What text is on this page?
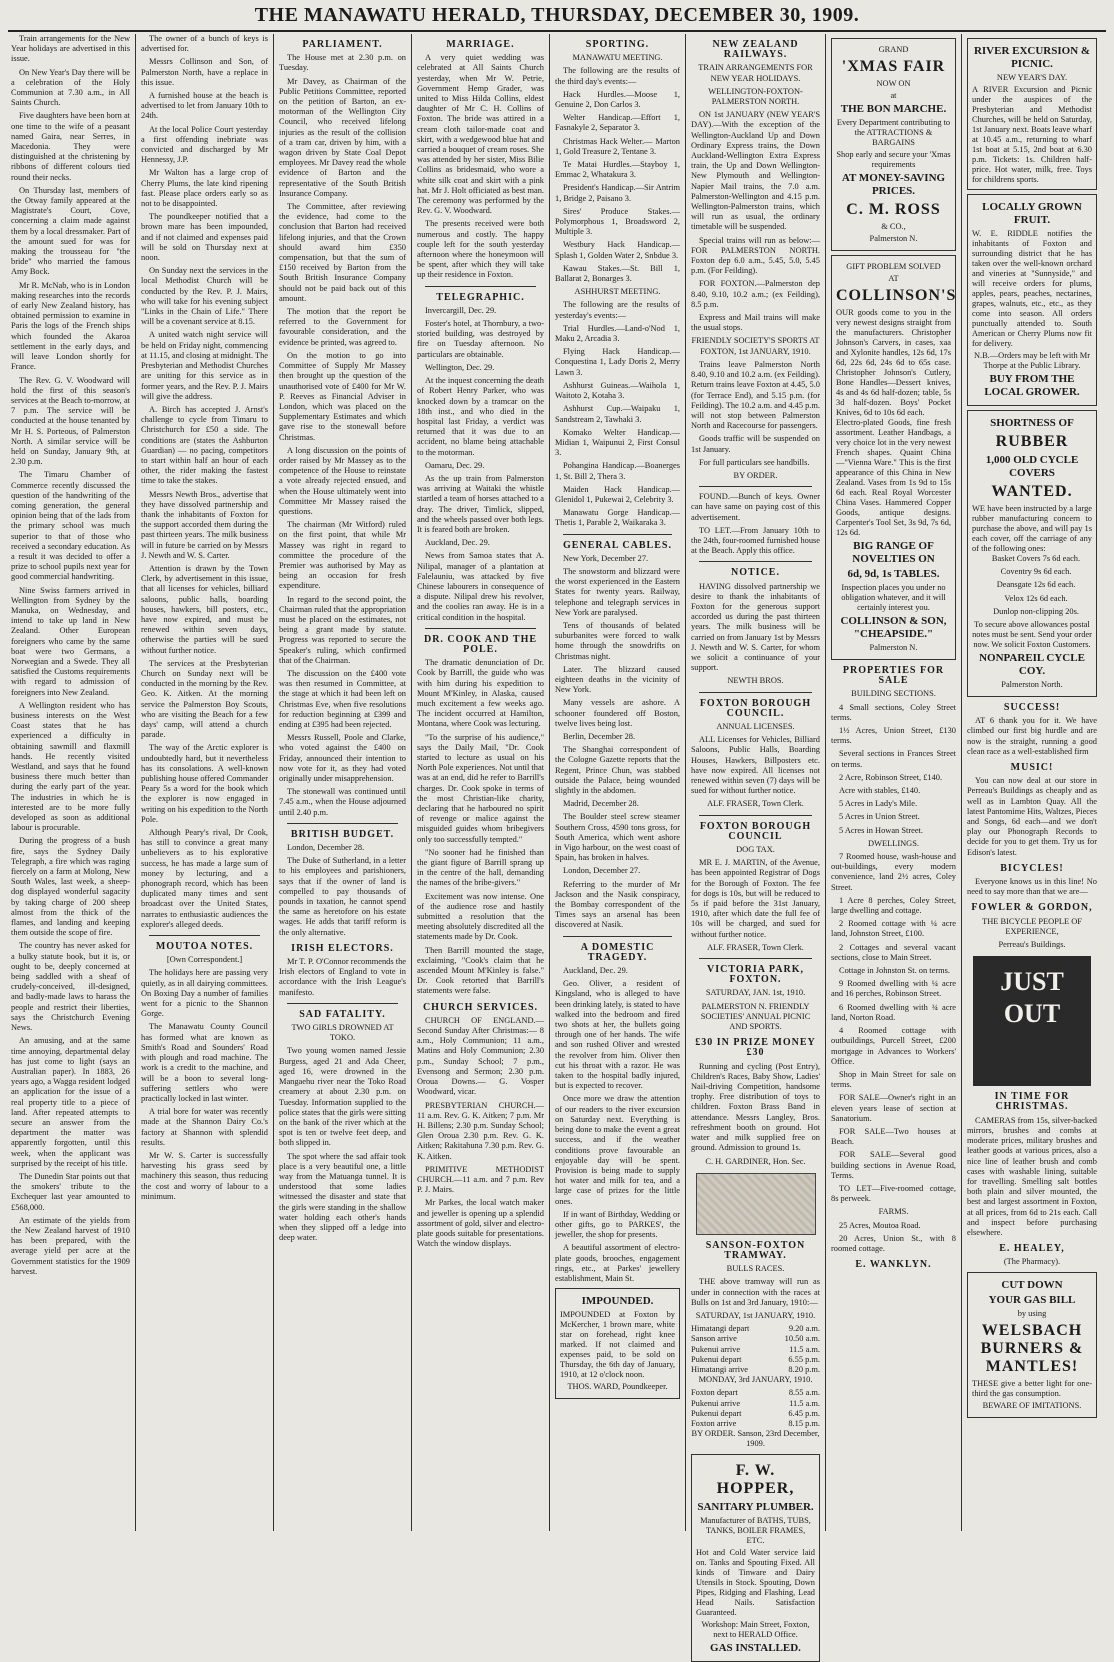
THE MANAWATU HERALD, THURSDAY, DECEMBER 30, 1909.

Train arrangements for the New Year holidays are advertised in this issue.

On New Year's Day there will be a celebration of the Holy Communion at 7.30 a.m., in All Saints Church.

Five daughters have been born at one time to the wife of a peasant named Gaira, near Serres, in Macedonia. They were distinguished at the christening by ribbons of different colours tied round their necks.

On Thursday last, members of the Otway family appeared at the Magistrate's Court, Cove, concerning a claim made against them by a local dressmaker. Part of the amount sued for was for making the trousseau for "the bride" who married the famous Amy Bock.

Mr R. McNab, who is in London making researches into the records of early New Zealand history, has obtained permission to examine in Paris the logs of the French ships which founded the Akaroa settlement in the early days, and will leave London shortly for France.

The Rev. G. V. Woodward will hold the first of this season's services at the Beach to-morrow, at 7 p.m. The service will be conducted at the house tenanted by Mr H. S. Porteous, of Palmerston North. A similar service will be held on Sunday, January 9th, at 2.30 p.m.

The Timaru Chamber of Commerce recently discussed the question of the handwriting of the coming generation, the general opinion being that of the lads from the primary school was much superior to that of those who received a secondary education. As a result it was decided to offer a prize to school pupils next year for good commercial handwriting.

Nine Swiss farmers arrived in Wellington from Sydney by the Manuka, on Wednesday, and intend to take up land in New Zealand. Other European foreigners who came by the same boat were two Germans, a Norwegian and a Swede. They all satisfied the Customs requirements with regard to admission of foreigners into New Zealand.

A Wellington resident who has business interests on the West Coast states that he has experienced a difficulty in obtaining sawmill and flaxmill hands. He recently visited Westland, and says that he found business there much better than during the early part of the year. The industries in which he is interested are to be more fully developed as soon as additional labour is procurable.

During the progress of a bush fire, says the Sydney Daily Telegraph, a fire which was raging fiercely on a farm at Molong, New South Wales, last week, a sheep-dog displayed wonderful sagacity by taking charge of 200 sheep almost from the thick of the flames, and landing and keeping them outside the scope of fire.

The country has never asked for a bulky statute book, but it is, or ought to be, deeply concerned at being saddled with a sheaf of crudely-conceived, ill-designed, and badly-made laws to harass the people and restrict their liberties, says the Christchurch Evening News.

An amusing, and at the same time annoying, departmental delay has just come to light (says an Australian paper). In 1883, 26 years ago, a Wagga resident lodged an application for the issue of a real property title to a piece of land. After repeated attempts to secure an answer from the department the matter was apparently forgotten, until this week, when the applicant was surprised by the receipt of his title.

The Dunedin Star points out that the smokers' tribute to the Exchequer last year amounted to £568,000.

An estimate of the yields from the New Zealand harvest of 1910 has been prepared, with the average yield per acre at the Government statistics for the 1909 harvest.

The owner of a bunch of keys is advertised for.

Messrs Collinson and Son, of Palmerston North, have a replace in this issue.

A furnished house at the beach is advertised to let from January 10th to 24th.

At the local Police Court yesterday a first offending inebriate was convicted and discharged by Mr Hennessy, J.P.

Mr Walton has a large crop of Cherry Plums, the late kind ripening fast. Please place orders early so as not to be disappointed.

The poundkeeper notified that a brown mare has been impounded, and if not claimed and expenses paid will be sold on Thursday next at noon.

On Sunday next the services in the local Methodist Church will be conducted by the Rev. P. J. Mairs, who will take for his evening subject "Links in the Chain of Life." There will be a covenant service at 8.15.

A united watch night service will be held on Friday night, commencing at 11.15, and closing at midnight. The Presbyterian and Methodist Churches are uniting for this service as in former years, and the Rev. P. J. Mairs will give the address.

A. Birch has accepted J. Arnst's challenge to cycle from Timaru to Christchurch for £50 a side. The conditions are (states the Ashburton Guardian) — no pacing, competitors to start within half an hour of each other, the rider making the fastest time to take the stakes.

Messrs Newth Bros., advertise that they have dissolved partnership and thank the inhabitants of Foxton for the support accorded them during the past thirteen years. The milk business will in future be carried on by Messrs J. Newth and W. S. Carter.

Attention is drawn by the Town Clerk, by advertisement in this issue, that all licenses for vehicles, billiard saloons, public halls, boarding houses, hawkers, bill posters, etc., have now expired, and must be renewed within seven days, otherwise the parties will be sued without further notice.

The services at the Presbyterian Church on Sunday next will be conducted in the morning by the Rev. Geo. K. Aitken. At the morning service the Palmerston Boy Scouts, who are visiting the Beach for a few days' camp, will attend a church parade.

The way of the Arctic explorer is undoubtedly hard, but it nevertheless has its consolations. A well-known publishing house offered Commander Peary 5s a word for the book which the explorer is now engaged in writing on his expedition to the North Pole.

Although Peary's rival, Dr Cook, has still to convince a great many unbelievers as to his explorative success, he has made a large sum of money by lecturing, and a phonograph record, which has been duplicated many times and sent broadcast over the United States, narrates to enthusiastic audiences the explorer's alleged deeds.

MOUTOA NOTES.
[Own Correspondent.]

The holidays here are passing very quietly, as in all dairying committees. On Boxing Day a number of families went for a picnic to the Shannon Gorge.

The Manawatu County Council has formed what are known as Smith's Road and Sounders' Road with plough and road machine. The work is a credit to the machine, and will be a boon to several long-suffering settlers who were practically locked in last winter.

A trial bore for water was recently made at the Shannon Dairy Co.'s factory at Shannon with splendid results.

Mr W. S. Carter is successfully harvesting his grass seed by machinery this season, thus reducing the cost and worry of labour to a minimum.

PARLIAMENT.

The House met at 2.30 p.m. on Tuesday.

Mr Davey, as Chairman of the Public Petitions Committee, reported on the petition of Barton, an ex-motorman of the Wellington City Council, who received lifelong injuries as the result of the collision of a tram car, driven by him, with a wagon driven by State Coal Depot employees. Mr Davey read the whole evidence of Barton and the representative of the South British Insurance Company.

The Committee, after reviewing the evidence, had come to the conclusion that Barton had received lifelong injuries, and that the Crown should award him £350 compensation, but that the sum of £150 received by Barton from the South British Insurance Company should not be paid back out of this amount.

The motion that the report be referred to the Government for favourable consideration, and the evidence be printed, was agreed to.

On the motion to go into Committee of Supply Mr Massey then brought up the question of the unauthorised vote of £400 for Mr W. P. Reeves as Financial Adviser in London, which was placed on the Supplementary Estimates and which gave rise to the stonewall before Christmas.

A long discussion on the points of order raised by Mr Massey as to the competence of the House to reinstate a vote already rejected ensued, and when the House ultimately went into Committee Mr Massey raised the questions.

The chairman (Mr Witford) ruled on the first point, that while Mr Massey was right in regard to committee the procedure of the Premier was authorised by May as being an occasion for fresh expenditure.

In regard to the second point, the Chairman ruled that the appropriation must be placed on the estimates, not being a grant made by statute. Progress was reported to secure the Speaker's ruling, which confirmed that of the Chairman.

The discussion on the £400 vote was then resumed in Committee, at the stage at which it had been left on Christmas Eve, when five resolutions for reduction beginning at £399 and ending at £395 had been rejected.

Messrs Russell, Poole and Clarke, who voted against the £400 on Friday, announced their intention to now vote for it, as they had voted originally under misapprehension.

The stonewall was continued until 7.45 a.m., when the House adjourned until 2.40 p.m.

BRITISH BUDGET.

London, December 28.

The Duke of Sutherland, in a letter to his employees and parishioners, says that if the owner of land is compelled to pay thousands of pounds in taxation, he cannot spend the same as heretofore on his estate wages. He adds that tariff reform is the only alternative.

IRISH ELECTORS.

Mr T. P. O'Connor recommends the Irish electors of England to vote in accordance with the Irish League's manifesto.

SAD FATALITY.
TWO GIRLS DROWNED AT TOKO.

Two young women named Jessie Burgess, aged 21 and Ada Cheer, aged 16, were drowned in the Mangaehu river near the Toko Road creamery at about 2.30 p.m. on Tuesday. Information supplied to the police states that the girls were sitting on the bank of the river which at the spot is ten or twelve feet deep, and both slipped in.

The spot where the sad affair took place is a very beautiful one, a little way from the Matuanga tunnel. It is understood that some ladies witnessed the disaster and state that the girls were standing in the shallow water holding each other's hands when they slipped off a ledge into deep water.

MARRIAGE.

A very quiet wedding was celebrated at All Saints Church yesterday, when Mr W. Petrie, Government Hemp Grader, was united to Miss Hilda Collins, eldest daughter of Mr C. H. Collins of Foxton. The bride was attired in a cream cloth tailor-made coat and skirt, with a wedgewood blue hat and carried a bouquet of cream roses. She was attended by her sister, Miss Bilie Collins as bridesmaid, who wore a white silk coat and skirt with a pink hat. Mr J. Holt officiated as best man. The ceremony was performed by the Rev. G. V. Woodward.

The presents received were both numerous and costly. The happy couple left for the south yesterday afternoon where the honeymoon will be spent, after which they will take up their residence in Foxton.

TELEGRAPHIC.

Invercargill, Dec. 29.

Foster's hotel, at Thornbury, a two-storied building, was destroyed by fire on Tuesday afternoon. No particulars are obtainable.

Wellington, Dec. 29.

At the inquest concerning the death of Robert Henry Parker, who was knocked down by a tramcar on the 18th inst., and who died in the hospital last Friday, a verdict was returned that it was due to an accident, no blame being attachable to the motorman.

Oamaru, Dec. 29.

As the up train from Palmerston was arriving at Waitaki the whistle startled a team of horses attached to a dray. The driver, Timlick, slipped, and the wheels passed over both legs. It is feared both are broken.

Auckland, Dec. 29.

News from Samoa states that A. Nilipal, manager of a plantation at Falelauniu, was attacked by five Chinese labourers in consequence of a dispute. Nilipal drew his revolver, and the coolies ran away. He is in a critical condition in the hospital.

DR. COOK AND THE POLE.

The dramatic denunciation of Dr. Cook by Barrill, the guide who was with him during his expedition to Mount M'Kinley, in Alaska, caused much excitement a few weeks ago. The incident occurred at Hamilton, Montana, where Cook was lecturing.

"To the surprise of his audience," says the Daily Mail, "Dr. Cook started to lecture as usual on his North Pole experiences. Not until that was at an end, did he refer to Barrill's charges. Dr. Cook spoke in terms of the most Christian-like charity, declaring that he harboured no spirit of revenge or malice against the misguided guides whom bribegivers only too successfully tempted."

"No sooner had he finished than the giant figure of Barrill sprang up in the centre of the hall, demanding the names of the bribe-givers."

Excitement was now intense. One of the audience rose and hastily submitted a resolution that the meeting absolutely discredited all the statements made by Dr. Cook.

Then Barrill mounted the stage, exclaiming, "Cook's claim that he ascended Mount M'Kinley is false." Dr. Cook retorted that Barrill's statements were false.

CHURCH SERVICES.

CHURCH OF ENGLAND.— Second Sunday After Christmas:— 8 a.m., Holy Communion; 11 a.m., Matins and Holy Communion; 2.30 p.m., Sunday School; 7 p.m., Evensong and Sermon; 2.30 p.m. Oroua Downs.— G. Vosper Woodward, vicar.

PRESBYTERIAN CHURCH.— 11 a.m. Rev. G. K. Aitken; 7 p.m. Mr H. Billens; 2.30 p.m. Sunday School; Glen Oroua 2.30 p.m. Rev. G. K. Aitken; Rakitahuna 7.30 p.m. Rev. G. K. Aitken.

PRIMITIVE METHODIST CHURCH.—11 a.m. and 7 p.m. Rev P. J. Mairs.

Mr Parkes, the local watch maker and jeweller is opening up a splendid assortment of gold, silver and electro-plate goods suitable for presentations. Watch the window displays.

SPORTING.
MANAWATU MEETING.

The following are the results of the third day's events:—

Hack Hurdles.—Moose 1, Genuine 2, Don Carlos 3.

Welter Handicap.—Effort 1, Fasnakyle 2, Separator 3.

Christmas Hack Welter.— Marton 1, Gold Treasure 2, Tentane 3.

Te Matai Hurdles.—Stayboy 1, Emmac 2, Whatakura 3.

President's Handicap.—Sir Antrim 1, Bridge 2, Paisano 3.

Sires' Produce Stakes.—Polymorphous 1, Broadsword 2, Multiple 3.

Westbury Hack Handicap.— Splash 1, Golden Water 2, Snbdue 3.

Kawau Stakes.—St. Bill 1, Ballarat 2, Bonarges 3.

ASHHURST MEETING.

The following are the results of yesterday's events:—

Trial Hurdles.—Land-o'Nod 1, Maku 2, Arcadia 3.

Flying Hack Handicap.—Conquestina 1, Lady Doris 2, Merry Lawn 3.

Ashhurst Guineas.—Waihola 1, Waitoto 2, Kotaha 3.

Ashhurst Cup.—Waipaku 1, Sandstream 2, Tawhaki 3.

Komako Welter Handicap.— Midian 1, Waipunui 2, First Consul 3.

Pohangina Handicap.—Boanerges 1, St. Bill 2, Thera 3.

Maiden Hack Handicap.— Glenidol 1, Pukewai 2, Celebrity 3.

Manawatu Gorge Handicap.— Thetis 1, Parable 2, Waikaraka 3.

GENERAL CABLES.

New York, December 27.

The snowstorm and blizzard were the worst experienced in the Eastern States for twenty years. Railway, telephone and telegraph services in New York are paralysed.

Tens of thousands of belated suburbanites were forced to walk home through the snowdrifts on Christmas night.

Later. The blizzard caused eighteen deaths in the vicinity of New York.

Many vessels are ashore. A schooner foundered off Boston, twelve lives being lost.

Berlin, December 28.

The Shanghai correspondent of the Cologne Gazette reports that the Regent, Prince Chun, was stabbed outside the Palace, being wounded slightly in the abdomen.

Madrid, December 28.

The Boulder steel screw steamer Southern Cross, 4590 tons gross, for South America, which went ashore in Vigo harbour, on the west coast of Spain, has broken in halves.

London, December 27.

Referring to the murder of Mr Jackson and the Nasik conspiracy, the Bombay correspondent of the Times says an arsenal has been discovered at Nasik.

A DOMESTIC TRAGEDY.

Auckland, Dec. 29.

Geo. Oliver, a resident of Kingsland, who is alleged to have been drinking lately, is stated to have walked into the bedroom and fired two shots at her, the bullets going through one of her hands. The wife and son rushed Oliver and wrested the revolver from him. Oliver then cut his throat with a razor. He was taken to the hospital badly injured, but is expected to recover.

Once more we draw the attention of our readers to the river excursion on Saturday next. Everything is being done to make the event a great success, and if the weather conditions prove favourable an enjoyable day will be spent. Provision is being made to supply hot water and milk for tea, and a large case of prizes for the little ones.

If in want of Birthday, Wedding or other gifts, go to PARKES', the jeweller, the shop for presents.

A beautiful assortment of electro-plate goods, brooches, engagement rings, etc., at Parkes' jewellery establishment, Main St.

IMPOUNDED.
IMPOUNDED at Foxton by McKercher, 1 brown mare, white star on forehead, right knee marked. If not claimed and expenses paid, to be sold on Thursday, the 6th day of January, 1910, at 12 o'clock noon.
THOS. WARD, Poundkeeper.
NEW ZEALAND RAILWAYS.
TRAIN ARRANGEMENTS FOR NEW YEAR HOLIDAYS.
WELLINGTON-FOXTON-PALMERSTON NORTH.

ON 1st JANUARY (NEW YEAR'S DAY).—With the exception of the Wellington-Auckland Up and Down Ordinary Express trains, the Down Auckland-Wellington Extra Express train, the Up and Down Wellington-New Plymouth and Wellington-Napier Mail trains, the 7.0 a.m. Palmerston-Wellington and 4.15 p.m. Wellington-Palmerston trains, which will run as usual, the ordinary timetable will be suspended.

Special trains will run as below:— FOR PALMERSTON NORTH. Foxton dep 6.0 a.m., 5.45, 5.0, 5.45 p.m. (For Feilding).

FOR FOXTON.—Palmerston dep 8.40, 9.10, 10.2 a.m.; (ex Feilding), 8.5 p.m.

Express and Mail trains will make the usual stops.

FRIENDLY SOCIETY'S SPORTS AT FOXTON, 1st JANUARY, 1910.

Trains leave Palmerston North 8.40, 9.10 and 10.2 a.m. (ex Feilding). Return trains leave Foxton at 4.45, 5.0 (for Terrace End), and 5.15 p.m. (for Feilding). The 10.2 a.m. and 4.45 p.m. will not stop between Palmerston North and Racecourse for passengers.

Goods traffic will be suspended on 1st January.

For full particulars see handbills.

BY ORDER.

FOUND.—Bunch of keys. Owner can have same on paying cost of this advertisement.

TO LET.—From January 10th to the 24th, four-roomed furnished house at the Beach. Apply this office.

NOTICE.

HAVING dissolved partnership we desire to thank the inhabitants of Foxton for the generous support accorded us during the past thirteen years. The milk business will be carried on from January 1st by Messrs J. Newth and W. S. Carter, for whom we solicit a continuance of your support.

NEWTH BROS.
FOXTON BOROUGH COUNCIL.
ANNUAL LICENSES.

ALL Licenses for Vehicles, Billiard Saloons, Public Halls, Boarding Houses, Hawkers, Billposters etc. have now expired. All licenses not renewed within seven (7) days will be sued for without further notice.

ALF. FRASER, Town Clerk.
FOXTON BOROUGH COUNCIL
DOG TAX.

MR E. J. MARTIN, of the Avenue, has been appointed Registrar of Dogs for the Borough of Foxton. The fee for dogs is 10s, but will be reduced to 5s if paid before the 31st January, 1910, after which date the full fee of 10s will be charged, and sued for without further notice.

ALF. FRASER, Town Clerk.
VICTORIA PARK, FOXTON.
SATURDAY, JAN. 1st, 1910.
PALMERSTON N. FRIENDLY SOCIETIES' ANNUAL PICNIC AND SPORTS.
£30 IN PRIZE MONEY £30

Running and cycling (Post Entry), Children's Races, Baby Show, Ladies' Nail-driving Competition, handsome trophy. Free distribution of toys to children. Foxton Brass Band in attendance. Messrs Langley, Bros. refreshment booth on ground. Hot water and milk supplied free on ground. Admission to ground 1s.

C. H. GARDINER, Hon. Sec.
SANSON-FOXTON TRAMWAY.
BULLS RACES.

THE above tramway will run as under in connection with the races at Bulls on 1st and 3rd January, 1910:—

SATURDAY, 1st JANUARY, 1910.
Himatangi depart	9.20 a.m.
Sanson arrive	10.50 a.m.
Pukenui arrive	11.5 a.m.
Pukenui depart	6.55 p.m.
Himatangi arrive	8.20 p.m.
MONDAY, 3rd JANUARY, 1910.
Foxton depart	8.55 a.m.
Pukenui arrive	11.5 a.m.
Pukenui depart	6.45 p.m.
Foxton arrive	8.15 p.m.
BY ORDER. Sanson, 23rd December, 1909.
F. W. HOPPER,
SANITARY PLUMBER.
Manufacturer of BATHS, TUBS, TANKS, BOILER FRAMES, ETC.
Hot and Cold Water service laid on. Tanks and Spouting Fixed. All kinds of Tinware and Dairy Utensils in Stock. Spouting, Down Pipes, Ridging and Flashing, Lead Head Nails. Satisfaction Guaranteed.
Workshop: Main Street, Foxton, next to HERALD Office.
GAS INSTALLED.
GRAND
'XMAS FAIR
NOW ON
at
THE BON MARCHE.
Every Department contributing to the ATTRACTIONS & BARGAINS
Shop early and secure your 'Xmas requirements
AT MONEY-SAVING PRICES.
C. M. ROSS
& CO.,
Palmerston N.
GIFT PROBLEM SOLVED
AT
COLLINSON'S
OUR goods come to you in the very newest designs straight from the manufacturers. Christopher Johnson's Carvers, in cases, xaa and Xylonite handles, 12s 6d, 17s 6d, 22s 6d, 24s 6d to 65s case. Christopher Johnson's Cutlery, Bone Handles—Dessert knives, 4s and 4s 6d half-dozen; table, 5s 3d half-dozen. Boys' Pocket Knives, 6d to 10s 6d each.
Electro-plated Goods, fine fresh assortment. Leather Handbags, a very choice lot in the very newest French shapes. Quaint China—"Vienna Ware." This is the first appearance of this China in New Zealand. Vases from 1s 9d to 15s 6d each. Real Royal Worcester China Vases. Hammered Copper Goods, antique designs. Carpenter's Tool Set, 3s 9d, 7s 6d, 12s 6d.
BIG RANGE OF NOVELTIES ON
6d, 9d, 1s TABLES.
Inspection places you under no obligation whatever, and it will certainly interest you.
COLLINSON & SON, "CHEAPSIDE."
Palmerston N.
PROPERTIES FOR SALE
BUILDING SECTIONS.

4 Small sections, Coley Street terms.

1½ Acres, Union Street, £130 terms.

Several sections in Frances Street on terms.

2 Acre, Robinson Street, £140.

Acre with stables, £140.

5 Acres in Lady's Mile.

5 Acres in Union Street.

5 Acres in Howan Street.

DWELLINGS.

7 Roomed house, wash-house and out-buildings, every modern convenience, land 2½ acres, Coley Street.

1 Acre 8 perches, Coley Street, large dwelling and cottage.

2 Roomed cottage with ¼ acre land, Johnston Street, £100.

2 Cottages and several vacant sections, close to Main Street.

Cottage in Johnston St. on terms.

9 Roomed dwelling with ¼ acre and 16 perches, Robinson Street.

6 Roomed dwelling with ¾ acre land, Norton Road.

4 Roomed cottage with outbuildings, Purcell Street, £200 mortgage in Advances to Workers' Office.

Shop in Main Street for sale on terms.

FOR SALE—Owner's right in an eleven years lease of section at Sanatorium.

FOR SALE—Two houses at Beach.

FOR SALE—Several good building sections in Avenue Road, Terms.

TO LET—Five-roomed cottage, 8s perweek.

FARMS.

25 Acres, Moutoa Road.

20 Acres, Union St., with 8 roomed cottage.

E. WANKLYN.
RIVER EXCURSION & PICNIC.
NEW YEAR'S DAY.
A RIVER Excursion and Picnic under the auspices of the Presbyterian and Methodist Churches, will be held on Saturday, 1st January next. Boats leave wharf at 10.45 a.m., returning to wharf 1st boat at 5.15, 2nd boat at 6.30 p.m. Tickets: 1s. Children half-price. Hot water, milk, free. Toys for childrens sports.
LOCALLY GROWN FRUIT.
W. E. RIDDLE notifies the inhabitants of Foxton and surrounding district that he has taken over the well-known orchard and vineries at "Sunnyside," and will receive orders for plums, apples, pears, peaches, nectarines, grapes, walnuts, etc., etc., as they come into season. All orders punctually attended to. South American or Cherry Plums now fit for delivery.
N.B.—Orders may be left with Mr Thorpe at the Public Library.
BUY FROM THE LOCAL GROWER.
SHORTNESS OF
RUBBER
1,000 OLD CYCLE COVERS
WANTED.
WE have been instructed by a large rubber manufacturing concern to purchase the above, and will pay 1s each cover, off the carriage of any of the following ones:

Basket Covers 7s 6d each.

Coventry 9s 6d each.

Deansgate 12s 6d each.

Velox 12s 6d each.

Dunlop non-clipping 20s.

To secure above allowances postal notes must be sent. Send your order now. We solicit Foxton Customers.
NONPAREIL CYCLE COY.
Palmerston North.
SUCCESS!

AT 6 thank you for it. We have climbed our first big hurdle and are now is the straight, running a good clean race as a well-established firm

MUSIC!

You can now deal at our store in Perreau's Buildings as cheaply and as well as in Lambton Quay. All the latest Pantomime Hits, Waltzes, Pieces and Songs, 6d each—and we don't play our Phonograph Records to decide for you to get them. Try us for Edison's latest.

BICYCLES!

Everyone knows us in this line! No need to say more than that we are—

FOWLER & GORDON,
THE BICYCLE PEOPLE OF EXPERIENCE,
Perreau's Buildings.
JUST OUT
IN TIME FOR CHRISTMAS.

CAMERAS from 15s, silver-backed mirrors, brushes and combs at moderate prices, military brushes and leather goods at various prices, also a nice line of leather brush and comb cases with washable lining, suitable for travelling. Smelling salt bottles both plain and silver mounted, the best and largest assortment in Foxton, at all prices, from 6d to 21s each. Call and inspect before purchasing elsewhere.

E. HEALEY,
(The Pharmacy).
CUT DOWN
YOUR GAS BILL
by using
WELSBACH BURNERS & MANTLES!
THESE give a better light for one-third the gas consumption.
BEWARE OF IMITATIONS.
